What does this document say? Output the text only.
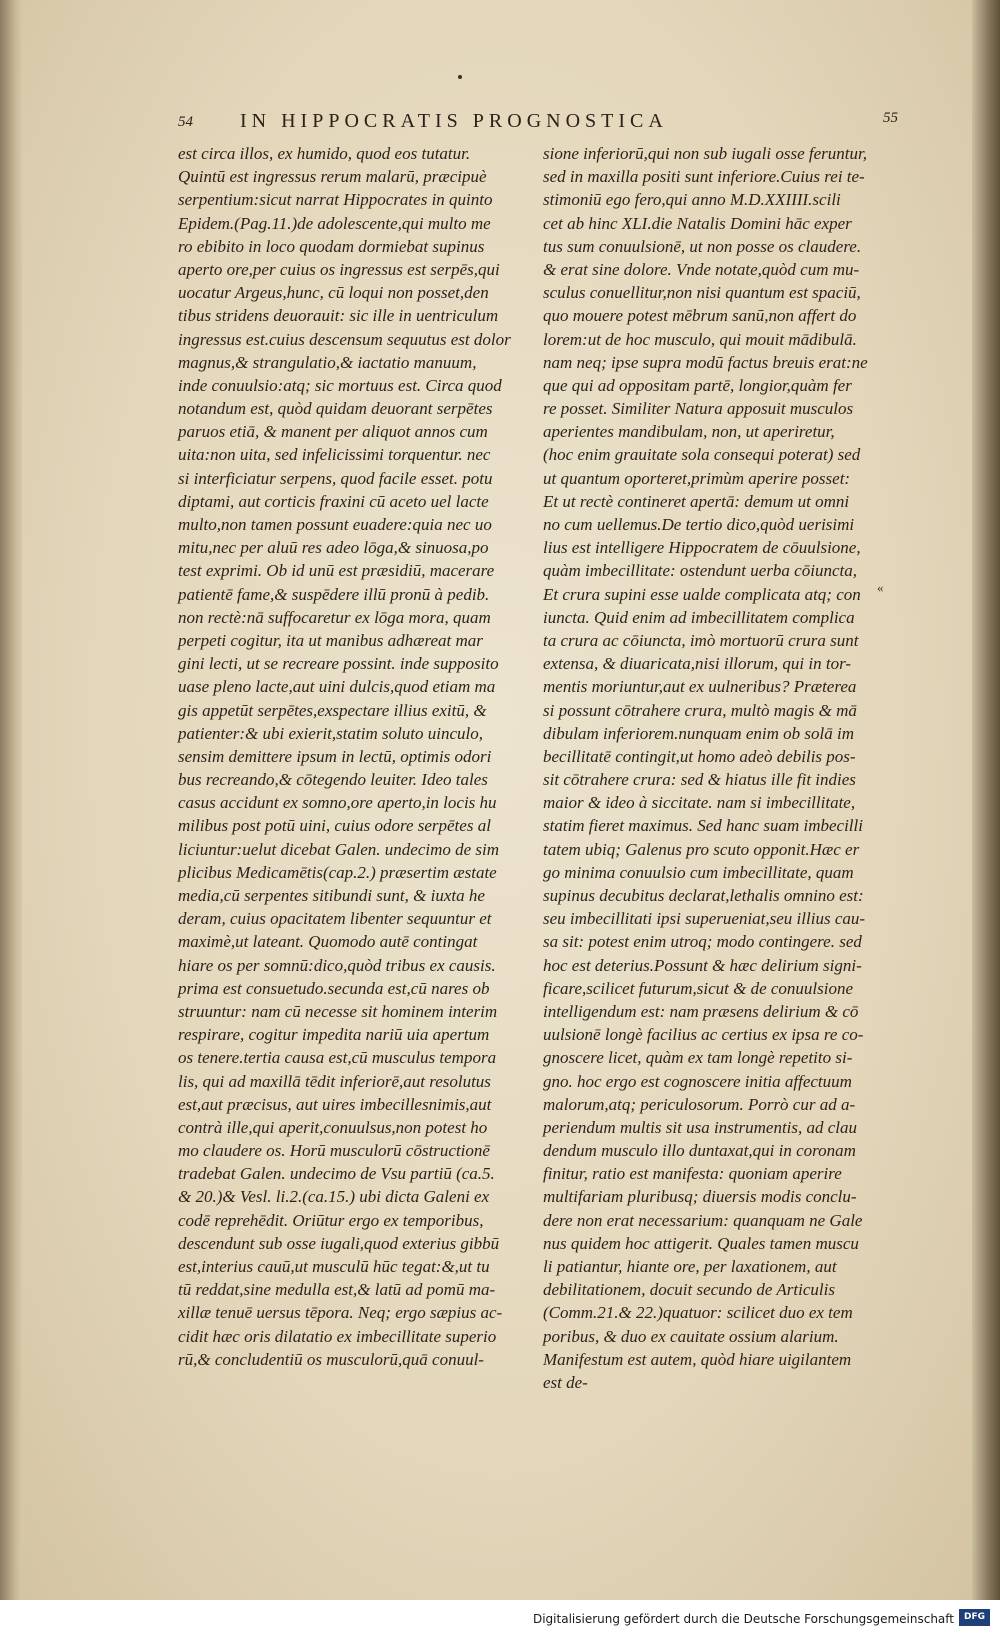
54 IN HIPPOCRATIS PROGNOSTICA	55
est circa illos, ex humido, quod eos tutatur.
Quintū est ingressus rerum malarū, præcipuè
serpentium:sicut narrat Hippocrates in quinto
Epidem.(Pag.11.)de adolescente,qui multo me
ro ebibito in loco quodam dormiebat supinus
aperto ore,per cuius os ingressus est serpēs,qui
uocatur Argeus,hunc, cū loqui non posset,den
tibus stridens deuorauit: sic ille in uentriculum
ingressus est.cuius descensum sequutus est dolor
magnus,& strangulatio,& iactatio manuum,
inde conuulsio:atq; sic mortuus est. Circa quod
notandum est, quòd quidam deuorant serpētes
paruos etiā, & manent per aliquot annos cum
uita:non uita, sed infelicissimi torquentur. nec
si interficiatur serpens, quod facile esset. potu
diptami, aut corticis fraxini cū aceto uel lacte
multo,non tamen possunt euadere:quia nec uo
mitu,nec per aluū res adeo lōga,& sinuosa,po
test exprimi. Ob id unū est præsidiū, macerare
patientē fame,& suspēdere illū pronū à pedib.
non rectè:nā suffocaretur ex lōga mora, quam
perpeti cogitur, ita ut manibus adhæreat mar
gini lecti, ut se recreare possint. inde supposito
uase pleno lacte,aut uini dulcis,quod etiam ma
gis appetūt serpētes,exspectare illius exitū, &
patienter:& ubi exierit,statim soluto uinculo,
sensim demittere ipsum in lectū, optimis odori
bus recreando,& cōtegendo leuiter. Ideo tales
casus accidunt ex somno,ore aperto,in locis hu
milibus post potū uini, cuius odore serpētes al
liciuntur:uelut dicebat Galen. undecimo de sim
plicibus Medicamētis(cap.2.) præsertim æstate
media,cū serpentes sitibundi sunt, & iuxta he
deram, cuius opacitatem libenter sequuntur et
maximè,ut lateant. Quomodo autē contingat
hiare os per somnū:dico,quòd tribus ex causis.
prima est consuetudo.secunda est,cū nares ob
struuntur: nam cū necesse sit hominem interim
respirare, cogitur impedita nariū uia apertum
os tenere.tertia causa est,cū musculus tempora
lis, qui ad maxillā tēdit inferiorē,aut resolutus
est,aut præcisus, aut uires imbecillesnimis,aut
contrà ille,qui aperit,conuulsus,non potest ho
mo claudere os. Horū musculorū cōstructionē
tradebat Galen. undecimo de Vsu partiū (ca.5.
& 20.)& Vesl. li.2.(ca.15.) ubi dicta Galeni ex
codē reprehēdit. Oriūtur ergo ex temporibus,
descendunt sub osse iugali,quod exterius gibbū
est,interius cauū,ut musculū hūc tegat:&,ut tu
tū reddat,sine medulla est,& latū ad pomū ma-
xillæ tenuē uersus tēpora. Neq; ergo sæpius ac-
cidit hæc oris dilatatio ex imbecillitate superio
rū,& concludentiū os musculorū,quā conuul-
sione inferiorū,qui non sub iugali osse feruntur,
sed in maxilla positi sunt inferiore.Cuius rei te-
stimoniū ego fero,qui anno M.D.XXIIII.scili
cet ab hinc XLI.die Natalis Domini hāc exper
tus sum conuulsionē, ut non posse os claudere.
& erat sine dolore. Vnde notate,quòd cum mu-
sculus conuellitur,non nisi quantum est spaciū,
quo mouere potest mēbrum sanū,non affert do
lorem:ut de hoc musculo, qui mouit mādibulā.
nam neq; ipse supra modū factus breuis erat:ne
que qui ad oppositam partē, longior,quàm fer
re posset. Similiter Natura apposuit musculos
aperientes mandibulam, non, ut aperiretur,
(hoc enim grauitate sola consequi poterat) sed
ut quantum oporteret,primùm aperire posset:
Et ut rectè contineret apertā: demum ut omni
no cum uellemus.De tertio dico,quòd uerisimi
lius est intelligere Hippocratem de cōuulsione,
quàm imbecillitate: ostendunt uerba cōiuncta,
Et crura supini esse ualde complicata atq; con
iuncta. Quid enim ad imbecillitatem complica
ta crura ac cōiuncta, imò mortuorū crura sunt
extensa, & diuaricata,nisi illorum, qui in tor-
mentis moriuntur,aut ex uulneribus? Præterea
si possunt cōtrahere crura, multò magis & mā
dibulam inferiorem.nunquam enim ob solā im
becillitatē contingit,ut homo adeò debilis pos-
sit cōtrahere crura: sed & hiatus ille fit indies
maior & ideo à siccitate. nam si imbecillitate,
statim fieret maximus. Sed hanc suam imbecilli
tatem ubiq; Galenus pro scuto opponit.Hæc er
go minima conuulsio cum imbecillitate, quam
supinus decubitus declarat,lethalis omnino est:
seu imbecillitati ipsi superueniat,seu illius cau-
sa sit: potest enim utroq; modo contingere. sed
hoc est deterius.Possunt & hæc delirium signi-
ficare,scilicet futurum,sicut & de conuulsione
intelligendum est: nam præsens delirium & cō
uulsionē longè facilius ac certius ex ipsa re co-
gnoscere licet, quàm ex tam longè repetito si-
gno. hoc ergo est cognoscere initia affectuum
malorum,atq; periculosorum. Porrò cur ad a-
periendum multis sit usa instrumentis, ad clau
dendum musculo illo duntaxat,qui in coronam
finitur, ratio est manifesta: quoniam aperire
multifariam pluribusq; diuersis modis conclu-
dere non erat necessarium: quanquam ne Gale
nus quidem hoc attigerit. Quales tamen muscu
li patiantur, hiante ore, per laxationem, aut
debilitationem, docuit secundo de Articulis
(Comm.21.& 22.)quatuor: scilicet duo ex tem
poribus, & duo ex cauitate ossium alarium.
Manifestum est autem, quòd hiare uigilantem
est de-
«
Digitalisierung gefördert durch die Deutsche Forschungsgemeinschaft	DFG
